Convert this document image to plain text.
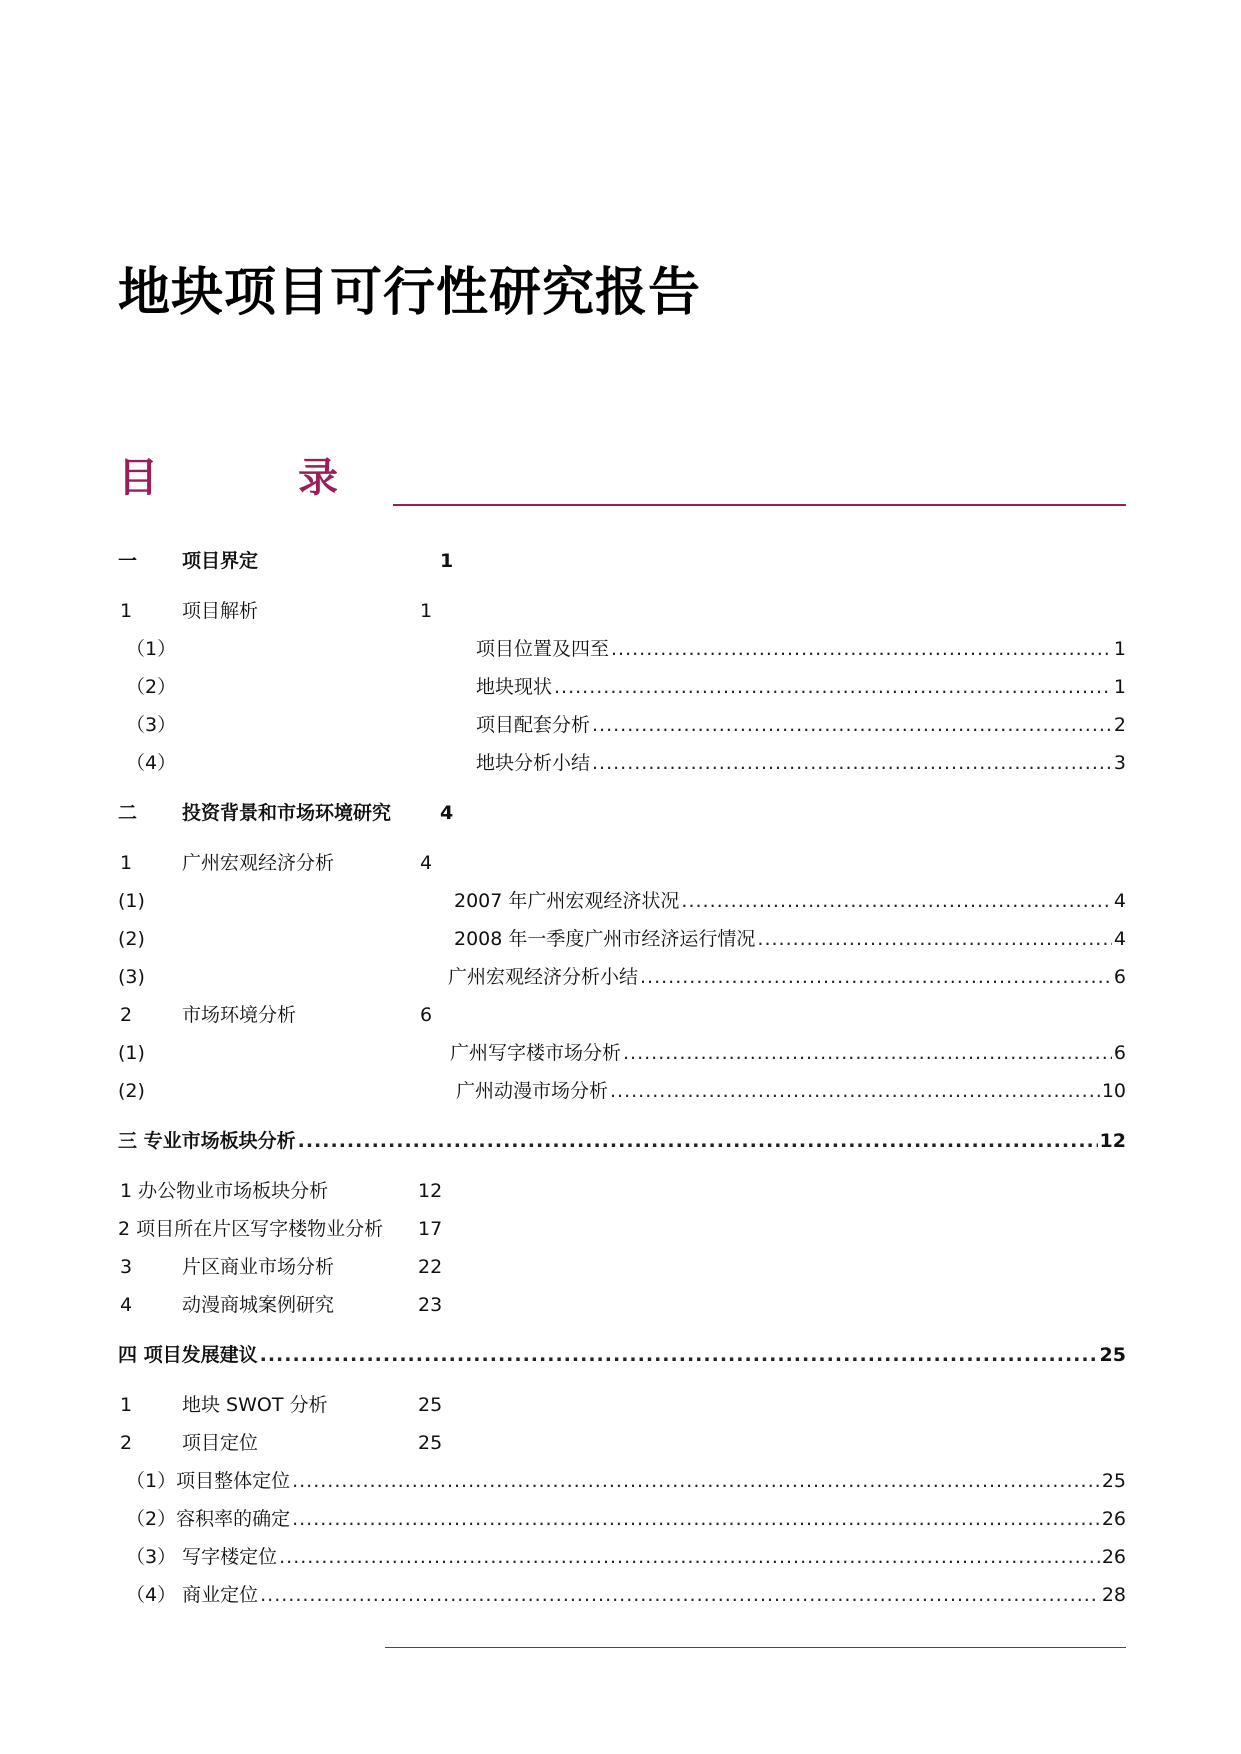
地块项目可行性研究报告
目　录
一 项目界定	1
1	项目解析	1
（1）	项目位置及四至 .....	1
（2）	地块现状 .....	1
（3）	项目配套分析 .....	2
（4）	地块分析小结 .....	3
二 投资背景和市场环境研究	4
1	广州宏观经济分析	4
(1)	2007 年广州宏观经济状况 .....	4
(2)	2008 年一季度广州市经济运行情况 .....	4
(3)	广州宏观经济分析小结 .....	6
2	市场环境分析	6
(1)	广州写字楼市场分析 .....	6
(2)	广州动漫市场分析 .....	10
三 专业市场板块分析 .....	12
1 办公物业市场板块分析	12
2 项目所在片区写字楼物业分析 17
3	片区商业市场分析	22
4	动漫商城案例研究	23
四 项目发展建议 .....	25
1	地块 SWOT 分析	25
2	项目定位	25
（1）项目整体定位 .....	25
（2）容积率的确定 .....	26
（3） 写字楼定位 .....	26
（4） 商业定位 .....	28
